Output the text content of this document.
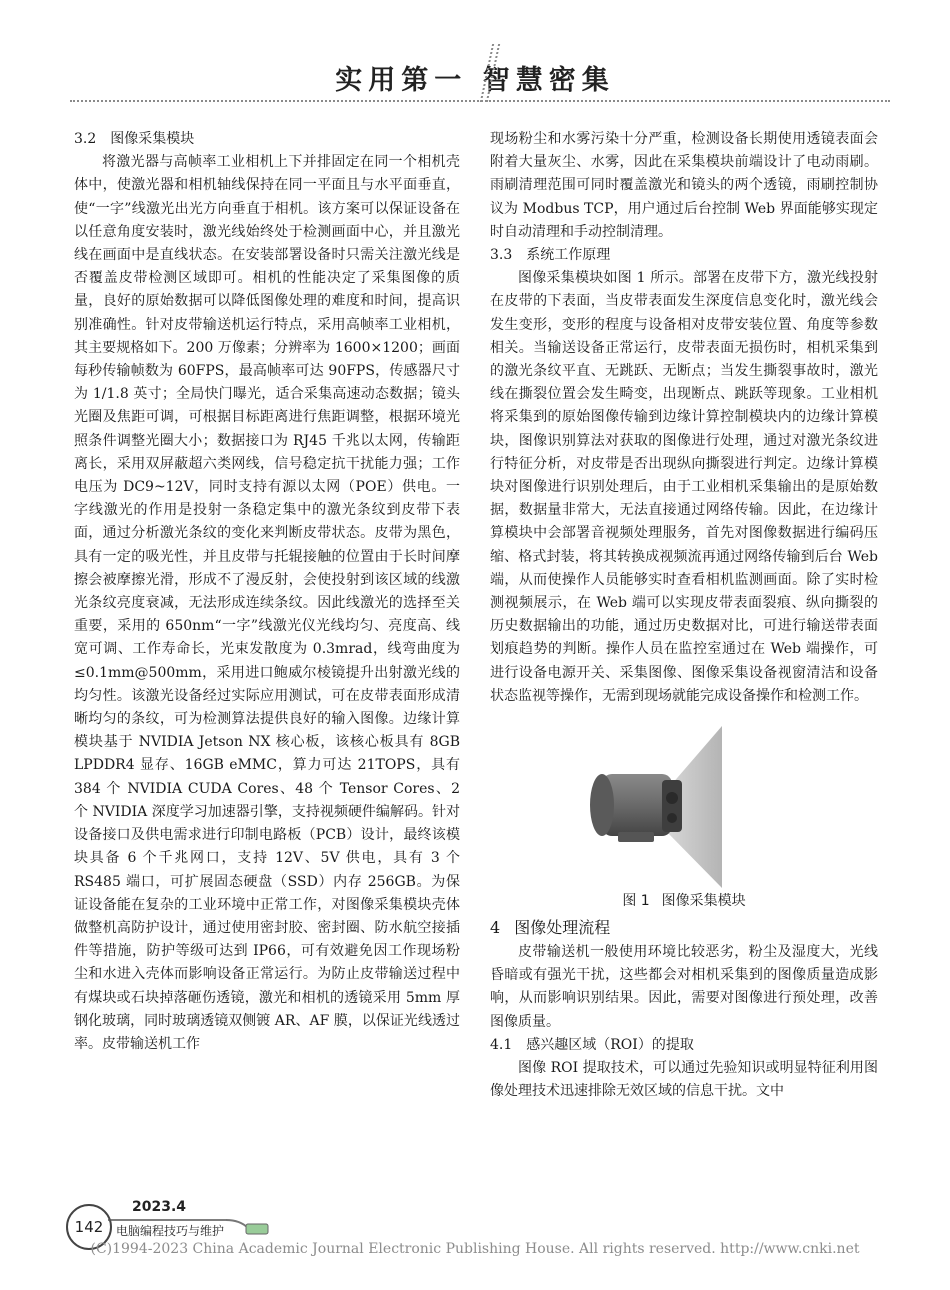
实用第一 智慧密集
3.2 图像采集模块

将激光器与高帧率工业相机上下并排固定在同一个相机壳体中，使激光器和相机轴线保持在同一平面且与水平面垂直，使“一字”线激光出光方向垂直于相机。该方案可以保证设备在以任意角度安装时，激光线始终处于检测画面中心，并且激光线在画面中是直线状态。在安装部署设备时只需关注激光线是否覆盖皮带检测区域即可。相机的性能决定了采集图像的质量，良好的原始数据可以降低图像处理的难度和时间，提高识别准确性。针对皮带输送机运行特点，采用高帧率工业相机，其主要规格如下。200 万像素；分辨率为 1600×1200；画面每秒传输帧数为 60FPS，最高帧率可达 90FPS，传感器尺寸为 1/1.8 英寸；全局快门曝光，适合采集高速动态数据；镜头光圈及焦距可调，可根据目标距离进行焦距调整，根据环境光照条件调整光圈大小；数据接口为 RJ45 千兆以太网，传输距离长，采用双屏蔽超六类网线，信号稳定抗干扰能力强；工作电压为 DC9~12V，同时支持有源以太网（POE）供电。一字线激光的作用是投射一条稳定集中的激光条纹到皮带下表面，通过分析激光条纹的变化来判断皮带状态。皮带为黑色，具有一定的吸光性，并且皮带与托辊接触的位置由于长时间摩擦会被摩擦光滑，形成不了漫反射，会使投射到该区域的线激光条纹亮度衰减，无法形成连续条纹。因此线激光的选择至关重要，采用的 650nm“一字”线激光仪光线均匀、亮度高、线宽可调、工作寿命长，光束发散度为 0.3mrad，线弯曲度为≤0.1mm@500mm，采用进口鲍威尔棱镜提升出射激光线的均匀性。该激光设备经过实际应用测试，可在皮带表面形成清晰均匀的条纹，可为检测算法提供良好的输入图像。边缘计算模块基于 NVIDIA Jetson NX 核心板，该核心板具有 8GB LPDDR4 显存、16GB eMMC，算力可达 21TOPS，具有 384 个 NVIDIA CUDA Cores、48 个 Tensor Cores、2 个 NVIDIA 深度学习加速器引擎，支持视频硬件编解码。针对设备接口及供电需求进行印制电路板（PCB）设计，最终该模块具备 6 个千兆网口，支持 12V、5V 供电，具有 3 个 RS485 端口，可扩展固态硬盘（SSD）内存 256GB。为保证设备能在复杂的工业环境中正常工作，对图像采集模块壳体做整机高防护设计，通过使用密封胶、密封圈、防水航空接插件等措施，防护等级可达到 IP66，可有效避免因工作现场粉尘和水进入壳体而影响设备正常运行。为防止皮带输送过程中有煤块或石块掉落砸伤透镜，激光和相机的透镜采用 5mm 厚钢化玻璃，同时玻璃透镜双侧镀 AR、AF 膜，以保证光线透过率。皮带输送机工作

现场粉尘和水雾污染十分严重，检测设备长期使用透镜表面会附着大量灰尘、水雾，因此在采集模块前端设计了电动雨刷。雨刷清理范围可同时覆盖激光和镜头的两个透镜，雨刷控制协议为 Modbus TCP，用户通过后台控制 Web 界面能够实现定时自动清理和手动控制清理。

3.3 系统工作原理

图像采集模块如图 1 所示。部署在皮带下方，激光线投射在皮带的下表面，当皮带表面发生深度信息变化时，激光线会发生变形，变形的程度与设备相对皮带安装位置、角度等参数相关。当输送设备正常运行，皮带表面无损伤时，相机采集到的激光条纹平直、无跳跃、无断点；当发生撕裂事故时，激光线在撕裂位置会发生畸变，出现断点、跳跃等现象。工业相机将采集到的原始图像传输到边缘计算控制模块内的边缘计算模块，图像识别算法对获取的图像进行处理，通过对激光条纹进行特征分析，对皮带是否出现纵向撕裂进行判定。边缘计算模块对图像进行识别处理后，由于工业相机采集输出的是原始数据，数据量非常大，无法直接通过网络传输。因此，在边缘计算模块中会部署音视频处理服务，首先对图像数据进行编码压缩、格式封装，将其转换成视频流再通过网络传输到后台 Web 端，从而使操作人员能够实时查看相机监测画面。除了实时检测视频展示，在 Web 端可以实现皮带表面裂痕、纵向撕裂的历史数据输出的功能，通过历史数据对比，可进行输送带表面划痕趋势的判断。操作人员在监控室通过在 Web 端操作，可进行设备电源开关、采集图像、图像采集设备视窗清洁和设备状态监视等操作，无需到现场就能完成设备操作和检测工作。

图 1 图像采集模块
4 图像处理流程

皮带输送机一般使用环境比较恶劣，粉尘及湿度大，光线昏暗或有强光干扰，这些都会对相机采集到的图像质量造成影响，从而影响识别结果。因此，需要对图像进行预处理，改善图像质量。

4.1 感兴趣区域（ROI）的提取

图像 ROI 提取技术，可以通过先验知识或明显特征利用图像处理技术迅速排除无效区域的信息干扰。文中

142
2023.4
电脑编程技巧与维护
(C)1994-2023 China Academic Journal Electronic Publishing House. All rights reserved. http://www.cnki.net
